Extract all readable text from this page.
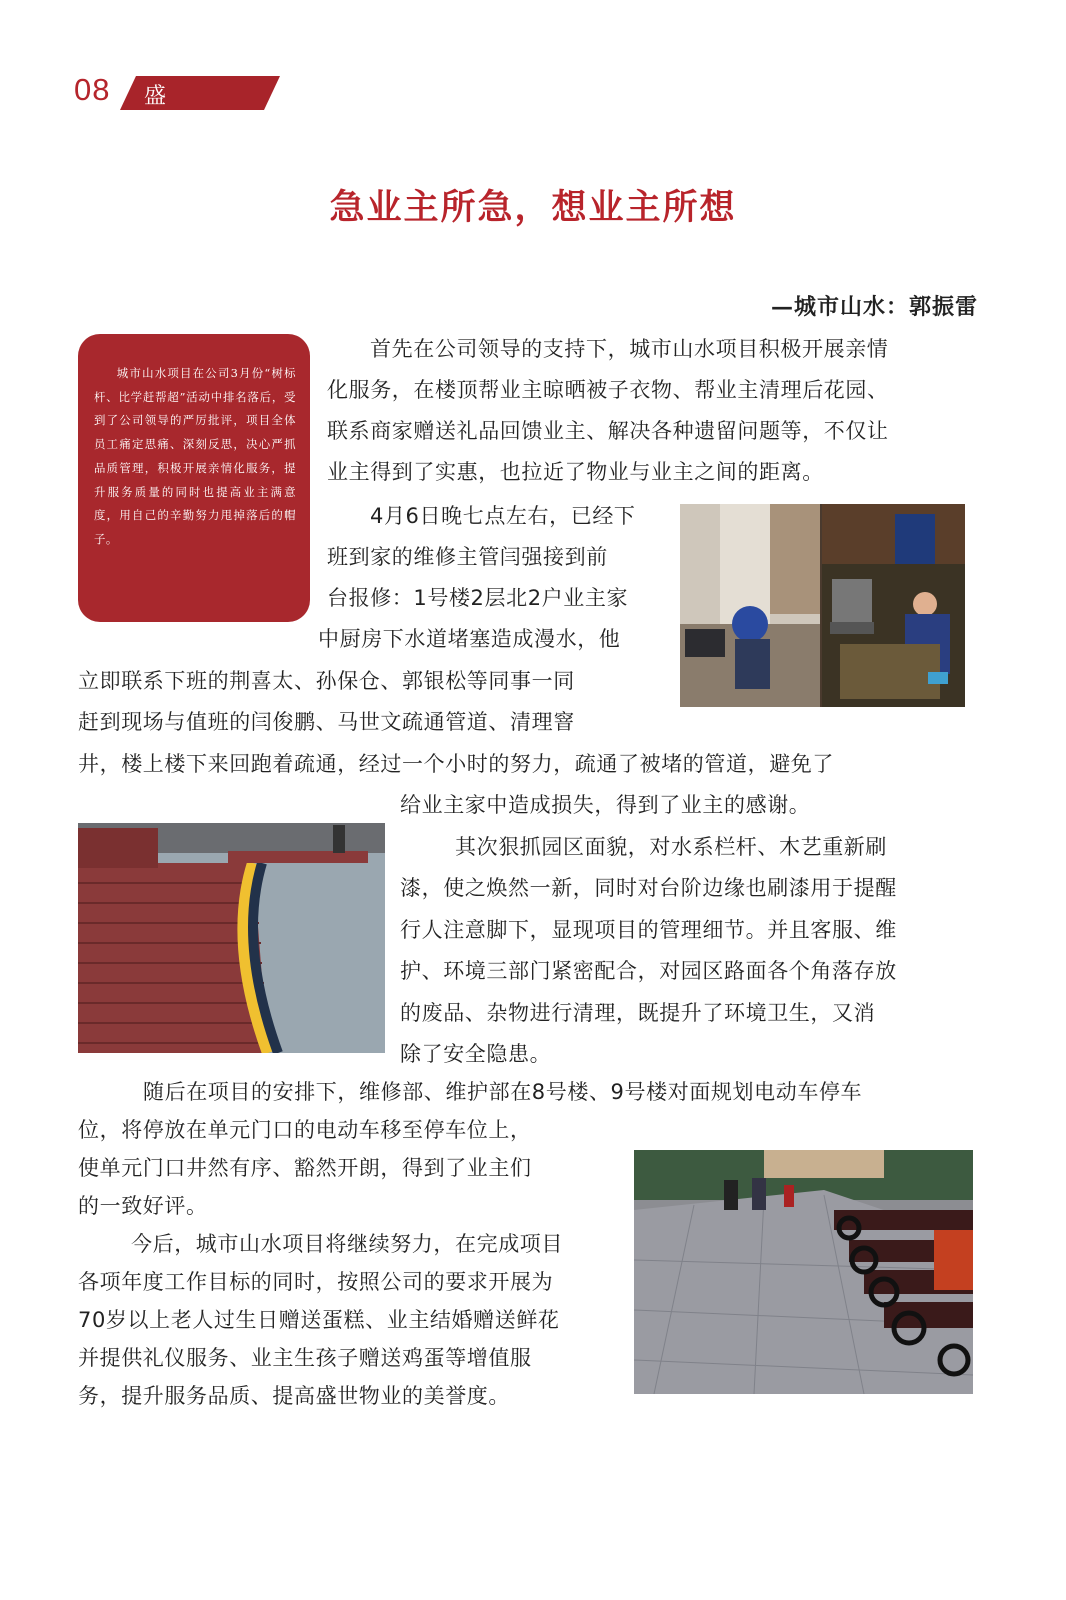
08 盛世物业	急业主所急，想业主所想
—城市山水：郭振雷
城市山水项目在公司3月份“树标杆、比学赶帮超”活动中排名落后，受到了公司领导的严厉批评，项目全体员工痛定思痛、深刻反思，决心严抓品质管理，积极开展亲情化服务，提升服务质量的同时也提高业主满意度，用自己的辛勤努力甩掉落后的帽子。
首先在公司领导的支持下，城市山水项目积极开展亲情
化服务，在楼顶帮业主晾晒被子衣物、帮业主清理后花园、
联系商家赠送礼品回馈业主、解决各种遗留问题等，不仅让
业主得到了实惠，也拉近了物业与业主之间的距离。
4月6日晚七点左右，已经下
班到家的维修主管闫强接到前
台报修：1号楼2层北2户业主家
中厨房下水道堵塞造成漫水，他
立即联系下班的荆喜太、孙保仓、郭银松等同事一同
赶到现场与值班的闫俊鹏、马世文疏通管道、清理窨
井，楼上楼下来回跑着疏通，经过一个小时的努力，疏通了被堵的管道，避免了
给业主家中造成损失，得到了业主的感谢。
其次狠抓园区面貌，对水系栏杆、木艺重新刷
漆，使之焕然一新，同时对台阶边缘也刷漆用于提醒
行人注意脚下，显现项目的管理细节。并且客服、维
护、环境三部门紧密配合，对园区路面各个角落存放
的废品、杂物进行清理，既提升了环境卫生，又消
除了安全隐患。
随后在项目的安排下，维修部、维护部在8号楼、9号楼对面规划电动车停车
位，将停放在单元门口的电动车移至停车位上，
使单元门口井然有序、豁然开朗，得到了业主们
的一致好评。
今后，城市山水项目将继续努力，在完成项目
各项年度工作目标的同时，按照公司的要求开展为
70岁以上老人过生日赠送蛋糕、业主结婚赠送鲜花
并提供礼仪服务、业主生孩子赠送鸡蛋等增值服
务，提升服务品质、提高盛世物业的美誉度。
